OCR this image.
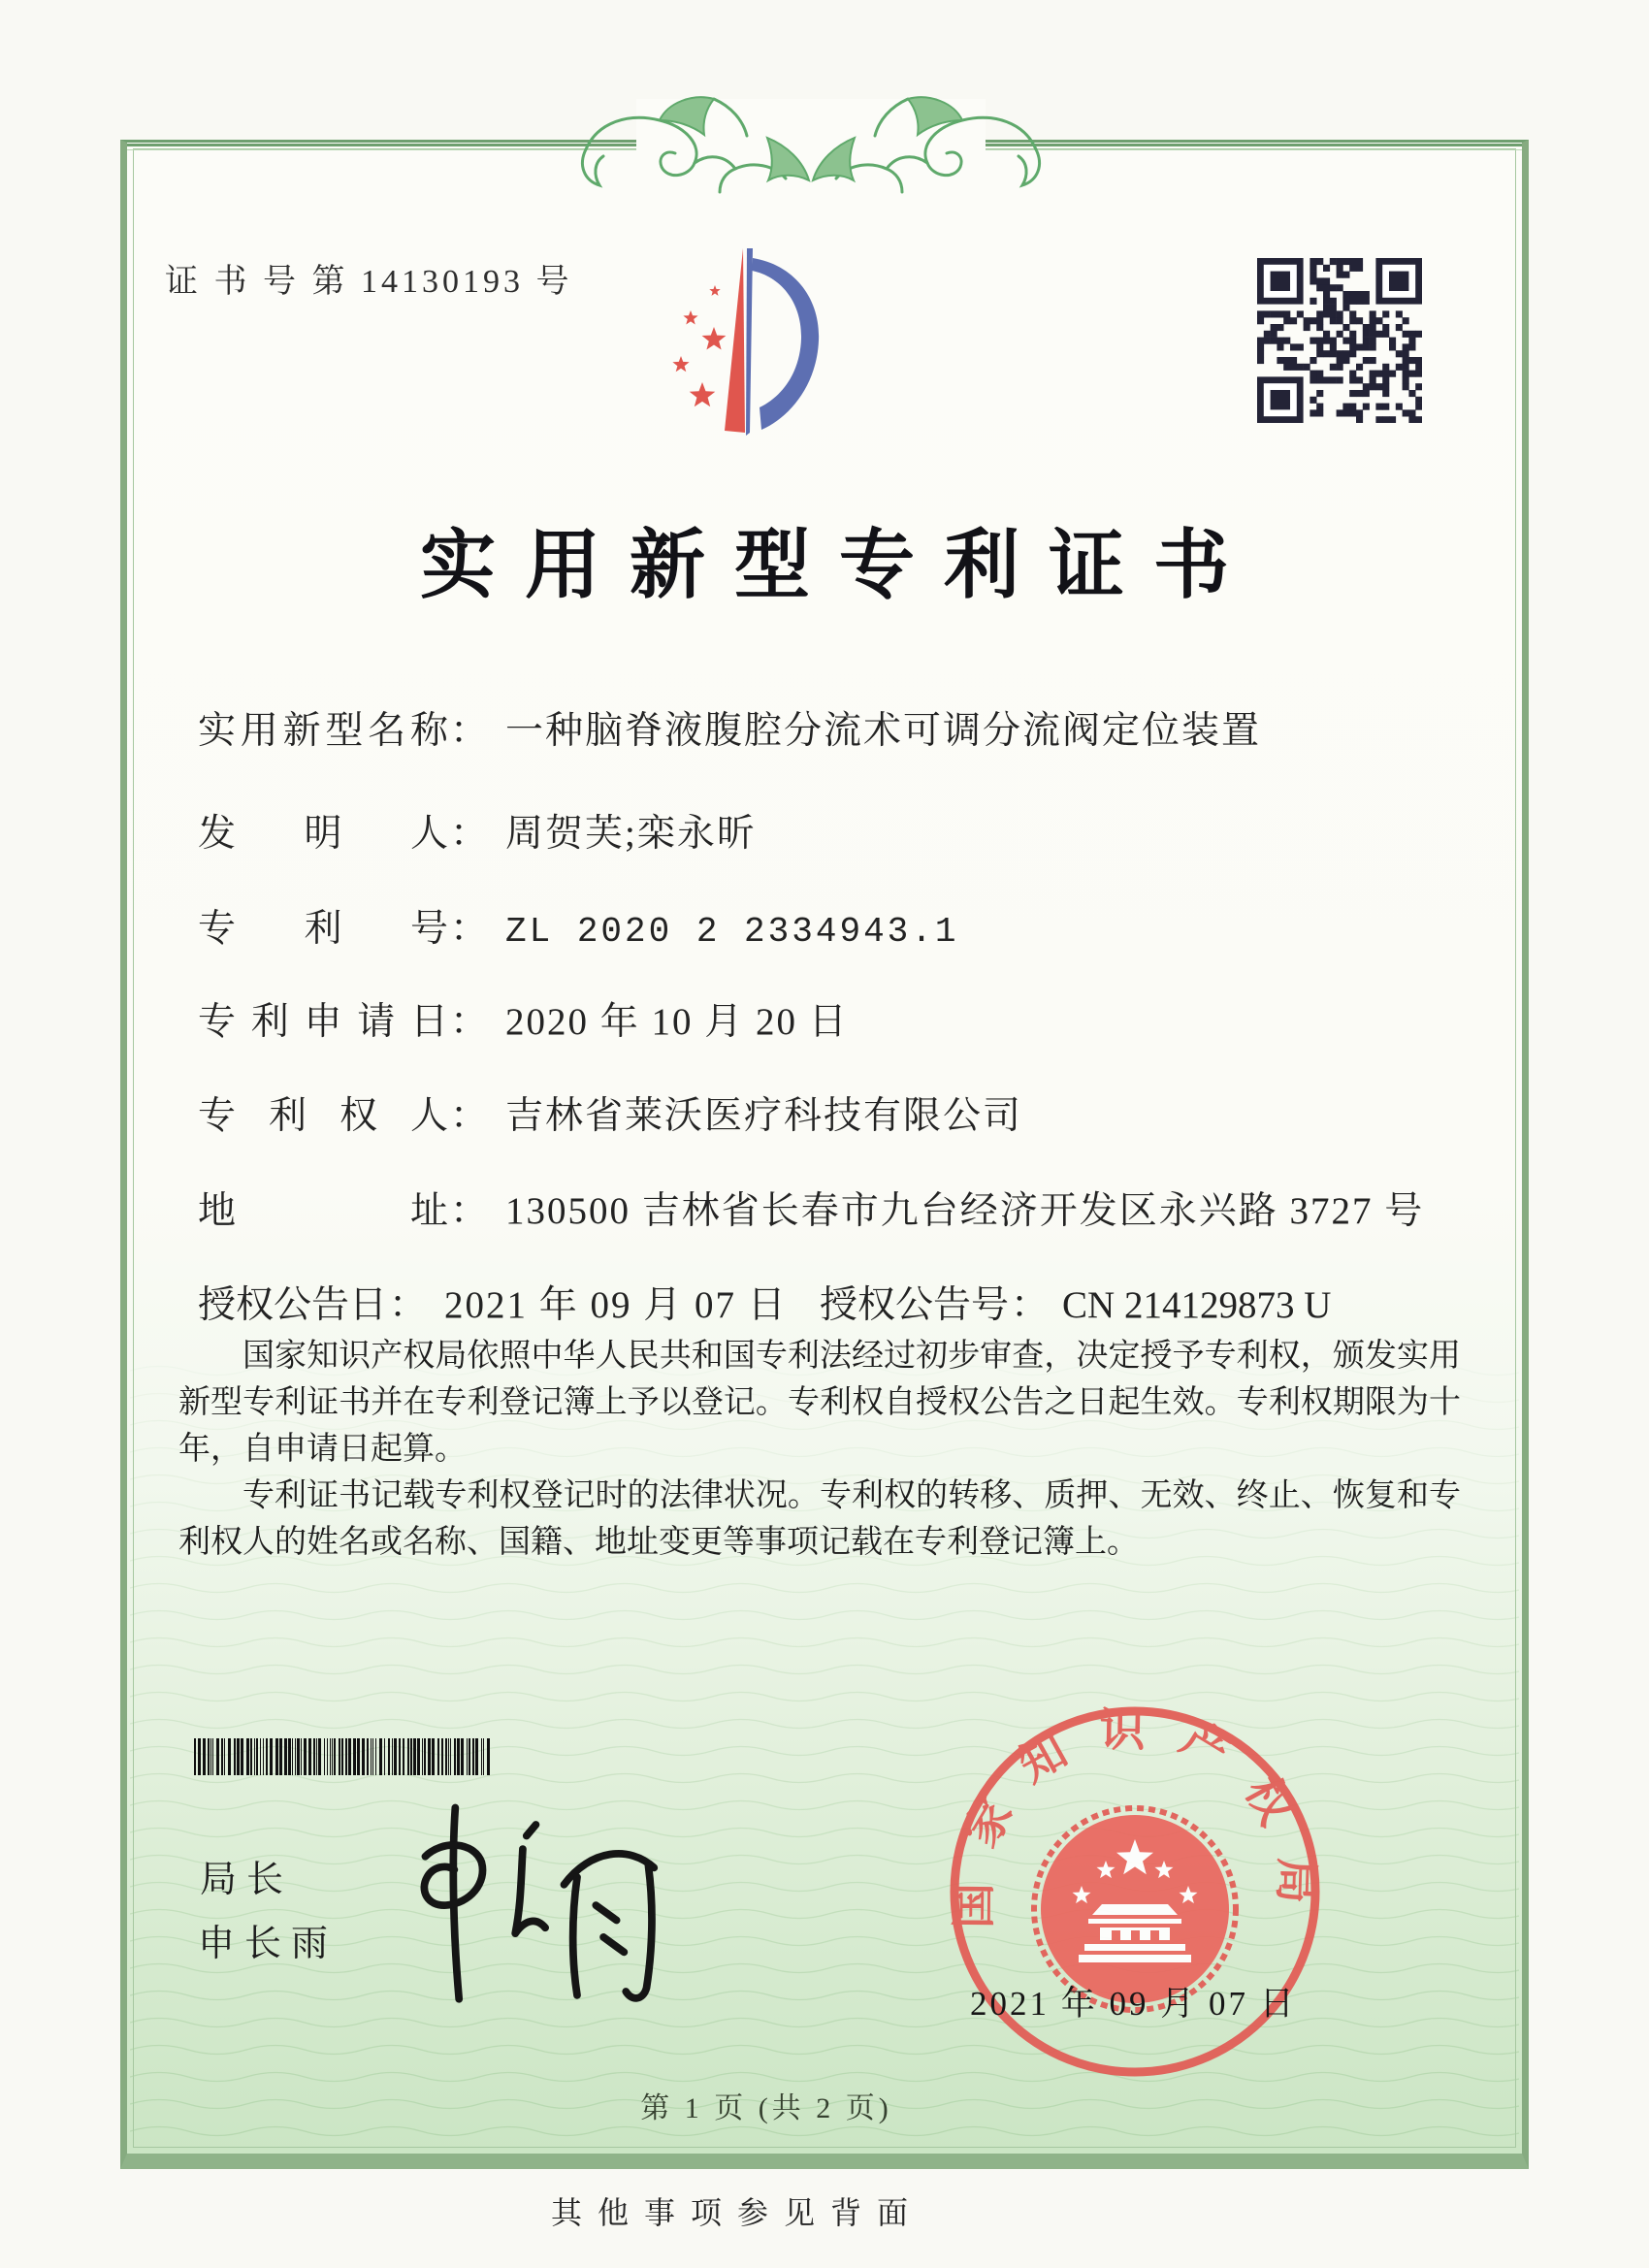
证 书 号 第 14130193 号
实用新型专利证书
实用新型名称： 一种脑脊液腹腔分流术可调分流阀定位装置
发明人： 周贺芙;栾永昕
专利号： ZL 2020 2 2334943.1
专利申请日： 2020 年 10 月 20 日
专利权人： 吉林省莱沃医疗科技有限公司
地址： 130500 吉林省长春市九台经济开发区永兴路 3727 号
授权公告日： 2021 年 09 月 07 日 授权公告号： CN 214129873 U

国家知识产权局依照中华人民共和国专利法经过初步审查，决定授予专利权，颁发实用新型专利证书并在专利登记簿上予以登记。专利权自授权公告之日起生效。专利权期限为十年，自申请日起算。

专利证书记载专利权登记时的法律状况。专利权的转移、质押、无效、终止、恢复和专利权人的姓名或名称、国籍、地址变更等事项记载在专利登记簿上。

局长
申长雨
国家知识产权局
2021 年 09 月 07 日
第 1 页 (共 2 页)
其他事项参见背面
